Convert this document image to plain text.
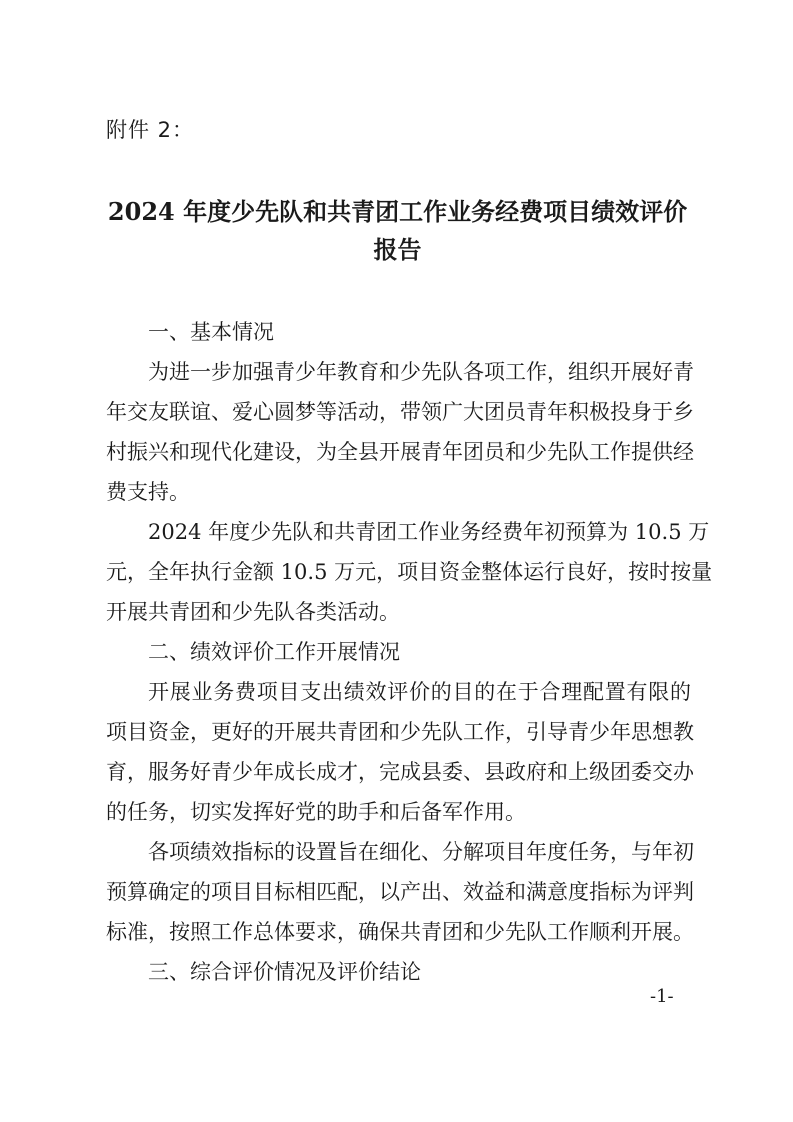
附件 2：
2024 年度少先队和共青团工作业务经费项目绩效评价
报告
一、基本情况
为进一步加强青少年教育和少先队各项工作，组织开展好青
年交友联谊、爱心圆梦等活动，带领广大团员青年积极投身于乡
村振兴和现代化建设，为全县开展青年团员和少先队工作提供经
费支持。
2024 年度少先队和共青团工作业务经费年初预算为 10.5 万
元，全年执行金额 10.5 万元，项目资金整体运行良好，按时按量
开展共青团和少先队各类活动。
二、绩效评价工作开展情况
开展业务费项目支出绩效评价的目的在于合理配置有限的
项目资金，更好的开展共青团和少先队工作，引导青少年思想教
育，服务好青少年成长成才，完成县委、县政府和上级团委交办
的任务，切实发挥好党的助手和后备军作用。
各项绩效指标的设置旨在细化、分解项目年度任务，与年初
预算确定的项目目标相匹配，以产出、效益和满意度指标为评判
标准，按照工作总体要求，确保共青团和少先队工作顺利开展。
三、综合评价情况及评价结论
-1-
